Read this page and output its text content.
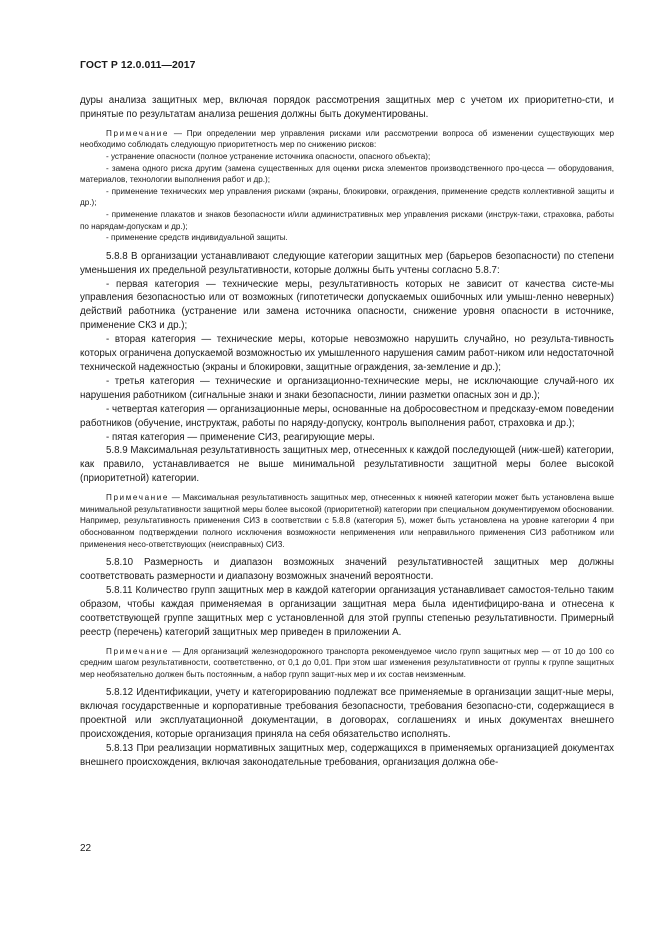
ГОСТ Р 12.0.011—2017

дуры анализа защитных мер, включая порядок рассмотрения защитных мер с учетом их приоритетно-сти, и принятые по результатам анализа решения должны быть документированы.

Примечание — При определении мер управления рисками или рассмотрении вопроса об изменении существующих мер необходимо соблюдать следующую приоритетность мер по снижению рисков:

- устранение опасности (полное устранение источника опасности, опасного объекта);

- замена одного риска другим (замена существенных для оценки риска элементов производственного про-цесса — оборудования, материалов, технологии выполнения работ и др.);

- применение технических мер управления рисками (экраны, блокировки, ограждения, применение средств коллективной защиты и др.);

- применение плакатов и знаков безопасности и/или административных мер управления рисками (инструк-тажи, страховка, работы по нарядам-допускам и др.);

- применение средств индивидуальной защиты.

5.8.8 В организации устанавливают следующие категории защитных мер (барьеров безопасности) по степени уменьшения их предельной результативности, которые должны быть учтены согласно 5.8.7:

- первая категория — технические меры, результативность которых не зависит от качества систе-мы управления безопасностью или от возможных (гипотетически допускаемых ошибочных или умыш-ленно неверных) действий работника (устранение или замена источника опасности, снижение уровня опасности в источнике, применение СКЗ и др.);

- вторая категория — технические меры, которые невозможно нарушить случайно, но результа-тивность которых ограничена допускаемой возможностью их умышленного нарушения самим работ-ником или недостаточной технической надежностью (экраны и блокировки, защитные ограждения, за-земление и др.);

- третья категория — технические и организационно-технические меры, не исключающие случай-ного их нарушения работником (сигнальные знаки и знаки безопасности, линии разметки опасных зон и др.);

- четвертая категория — организационные меры, основанные на добросовестном и предсказу-емом поведении работников (обучение, инструктаж, работы по наряду-допуску, контроль выполнения работ, страховка и др.);

- пятая категория — применение СИЗ, реагирующие меры.

5.8.9 Максимальная результативность защитных мер, отнесенных к каждой последующей (ниж-шей) категории, как правило, устанавливается не выше минимальной результативности защитной меры более высокой (приоритетной) категории.

Примечание — Максимальная результативность защитных мер, отнесенных к нижней категории может быть установлена выше минимальной результативности защитной меры более высокой (приоритетной) категории при специальном документируемом обосновании. Например, результативность применения СИЗ в соответствии с 5.8.8 (категория 5), может быть установлена на уровне категории 4 при обоснованном подтверждении полного исключения возможности неприменения или неправильного применения СИЗ работником или применения несо-ответствующих (неисправных) СИЗ.

5.8.10 Размерность и диапазон возможных значений результативностей защитных мер должны соответствовать размерности и диапазону возможных значений вероятности.

5.8.11 Количество групп защитных мер в каждой категории организация устанавливает самостоя-тельно таким образом, чтобы каждая применяемая в организации защитная мера была идентифициро-вана и отнесена к соответствующей группе защитных мер с установленной для этой группы степенью результативности. Примерный реестр (перечень) категорий защитных мер приведен в приложении А.

Примечание — Для организаций железнодорожного транспорта рекомендуемое число групп защитных мер — от 10 до 100 со средним шагом результативности, соответственно, от 0,1 до 0,01. При этом шаг изменения результативности от группы к группе защитных мер необязательно должен быть постоянным, а набор групп защит-ных мер и их состав неизменным.

5.8.12 Идентификации, учету и категорированию подлежат все применяемые в организации защит-ные меры, включая государственные и корпоративные требования безопасности, требования безопасно-сти, содержащиеся в проектной или эксплуатационной документации, в договорах, соглашениях и иных документах внешнего происхождения, которые организация приняла на себя обязательство исполнять.

5.8.13 При реализации нормативных защитных мер, содержащихся в применяемых организацией документах внешнего происхождения, включая законодательные требования, организация должна обе-

22
